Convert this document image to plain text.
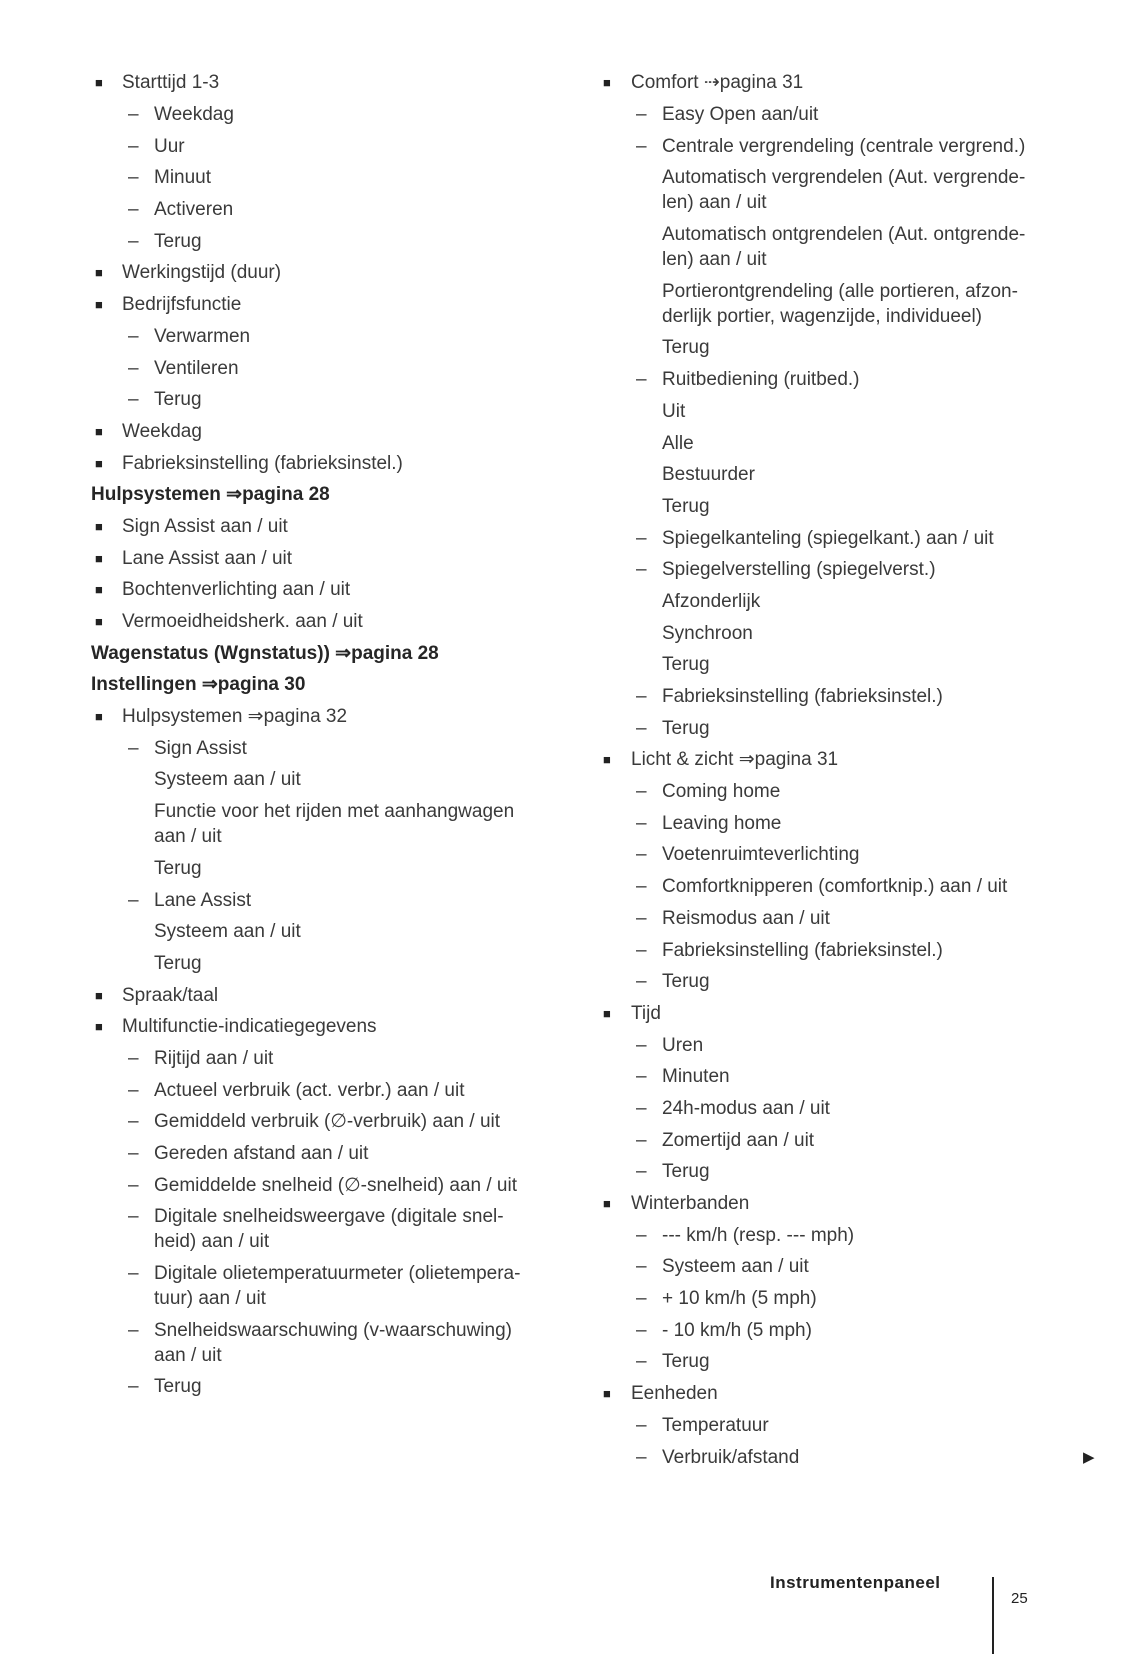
■ Starttijd 1-3
– Weekdag
– Uur
– Minuut
– Activeren
– Terug
■ Werkingstijd (duur)
■ Bedrijfsfunctie
– Verwarmen
– Ventileren
– Terug
■ Weekdag
■ Fabrieksinstelling (fabrieksinstel.)
Hulpsystemen ⇒pagina 28
■ Sign Assist aan / uit
■ Lane Assist aan / uit
■ Bochtenverlichting aan / uit
■ Vermoeidheidsherk. aan / uit
Wagenstatus (Wgnstatus)) ⇒pagina 28
Instellingen ⇒pagina 30
■ Hulpsystemen ⇒pagina 32
– Sign Assist
Systeem aan / uit
Functie voor het rijden met aanhangwagen
aan / uit
Terug
– Lane Assist
Systeem aan / uit
Terug
■ Spraak/taal
■ Multifunctie-indicatiegegevens
– Rijtijd aan / uit
– Actueel verbruik (act. verbr.) aan / uit
– Gemiddeld verbruik (∅-verbruik) aan / uit
– Gereden afstand aan / uit
– Gemiddelde snelheid (∅-snelheid) aan / uit
– Digitale snelheidsweergave (digitale snel-
heid) aan / uit
– Digitale olietemperatuurmeter (olietempera-
tuur) aan / uit
– Snelheidswaarschuwing (v-waarschuwing)
aan / uit
– Terug
■ Comfort ⇢pagina 31
– Easy Open aan/uit
– Centrale vergrendeling (centrale vergrend.)
Automatisch vergrendelen (Aut. vergrende-
len) aan / uit
Automatisch ontgrendelen (Aut. ontgrende-
len) aan / uit
Portierontgrendeling (alle portieren, afzon-
derlijk portier, wagenzijde, individueel)
Terug
– Ruitbediening (ruitbed.)
Uit
Alle
Bestuurder
Terug
– Spiegelkanteling (spiegelkant.) aan / uit
– Spiegelverstelling (spiegelverst.)
Afzonderlijk
Synchroon
Terug
– Fabrieksinstelling (fabrieksinstel.)
– Terug
■ Licht & zicht ⇒pagina 31
– Coming home
– Leaving home
– Voetenruimteverlichting
– Comfortknipperen (comfortknip.) aan / uit
– Reismodus aan / uit
– Fabrieksinstelling (fabrieksinstel.)
– Terug
■ Tijd
– Uren
– Minuten
– 24h-modus aan / uit
– Zomertijd aan / uit
– Terug
■ Winterbanden
– --- km/h (resp. --- mph)
– Systeem aan / uit
– + 10 km/h (5 mph)
– - 10 km/h (5 mph)
– Terug
■ Eenheden
– Temperatuur
– Verbruik/afstand	▶
Instrumentenpaneel
25
